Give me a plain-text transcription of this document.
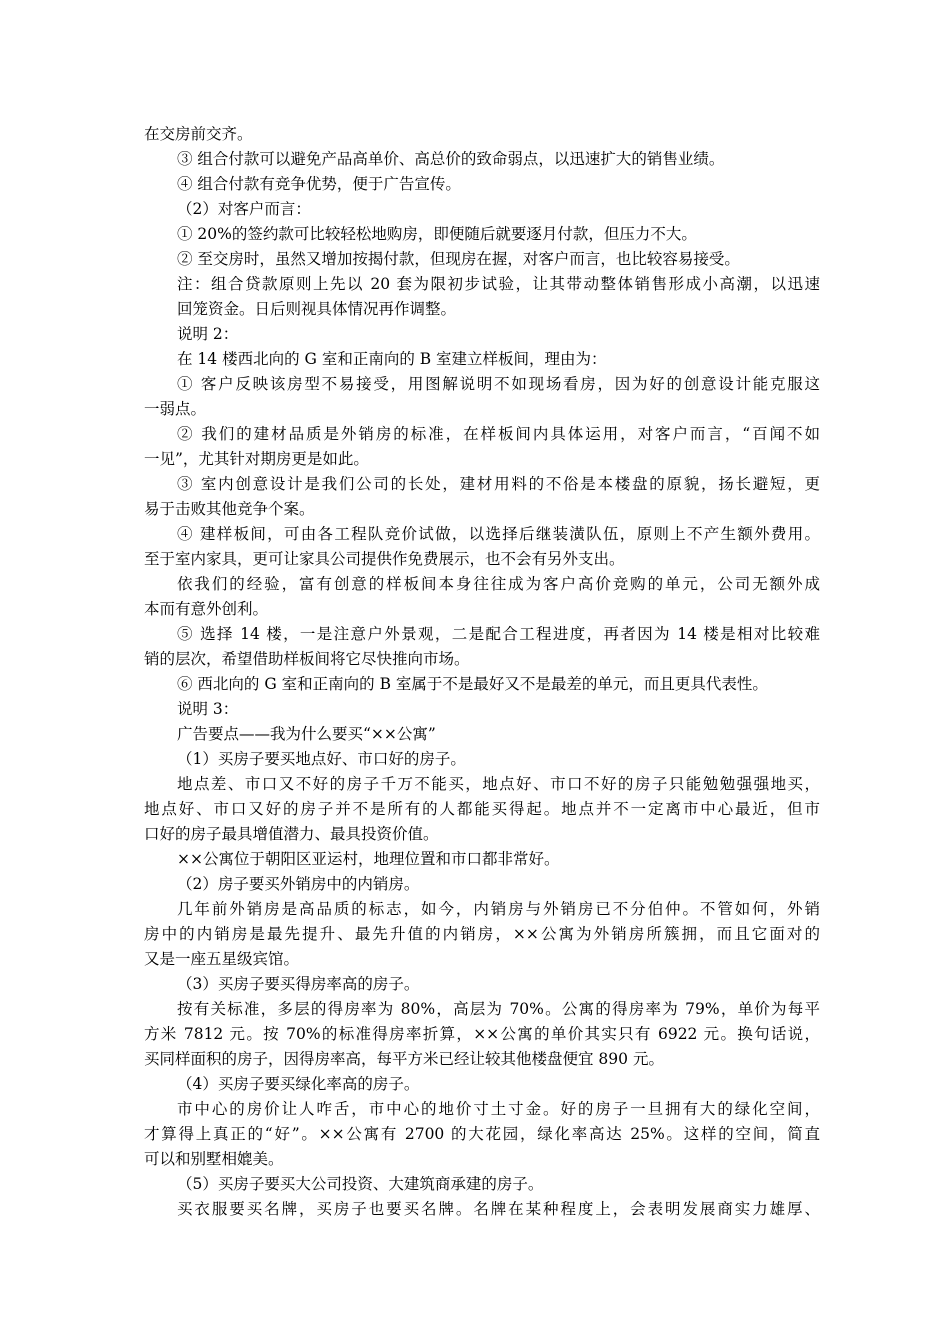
在交房前交齐。
③ 组合付款可以避免产品高单价、高总价的致命弱点，以迅速扩大的销售业绩。
④ 组合付款有竞争优势，便于广告宣传。
（2）对客户而言：
① 20%的签约款可比较轻松地购房，即便随后就要逐月付款，但压力不大。
② 至交房时，虽然又增加按揭付款，但现房在握，对客户而言，也比较容易接受。
注：组合贷款原则上先以 20 套为限初步试验，让其带动整体销售形成小高潮，以迅速
回笼资金。日后则视具体情况再作调整。
说明 2：
在 14 楼西北向的 G 室和正南向的 B 室建立样板间，理由为：
① 客户反映该房型不易接受，用图解说明不如现场看房，因为好的创意设计能克服这
一弱点。
② 我们的建材品质是外销房的标准，在样板间内具体运用，对客户而言，“百闻不如
一见”，尤其针对期房更是如此。
③ 室内创意设计是我们公司的长处，建材用料的不俗是本楼盘的原貌，扬长避短，更
易于击败其他竞争个案。
④ 建样板间，可由各工程队竞价试做，以选择后继装潢队伍，原则上不产生额外费用。
至于室内家具，更可让家具公司提供作免费展示，也不会有另外支出。
依我们的经验，富有创意的样板间本身往往成为客户高价竞购的单元，公司无额外成
本而有意外创利。
⑤ 选择 14 楼，一是注意户外景观，二是配合工程进度，再者因为 14 楼是相对比较难
销的层次，希望借助样板间将它尽快推向市场。
⑥ 西北向的 G 室和正南向的 B 室属于不是最好又不是最差的单元，而且更具代表性。
说明 3：
广告要点——我为什么要买“××公寓”
（1）买房子要买地点好、市口好的房子。
地点差、市口又不好的房子千万不能买，地点好、市口不好的房子只能勉勉强强地买，
地点好、市口又好的房子并不是所有的人都能买得起。地点并不一定离市中心最近，但市
口好的房子最具增值潜力、最具投资价值。
××公寓位于朝阳区亚运村，地理位置和市口都非常好。
（2）房子要买外销房中的内销房。
几年前外销房是高品质的标志，如今，内销房与外销房已不分伯仲。不管如何，外销
房中的内销房是最先提升、最先升值的内销房，××公寓为外销房所簇拥，而且它面对的
又是一座五星级宾馆。
（3）买房子要买得房率高的房子。
按有关标准，多层的得房率为 80%，高层为 70%。公寓的得房率为 79%，单价为每平
方米 7812 元。按 70%的标准得房率折算，××公寓的单价其实只有 6922 元。换句话说，
买同样面积的房子，因得房率高，每平方米已经让较其他楼盘便宜 890 元。
（4）买房子要买绿化率高的房子。
市中心的房价让人咋舌，市中心的地价寸土寸金。好的房子一旦拥有大的绿化空间，
才算得上真正的“好”。××公寓有 2700 的大花园，绿化率高达 25%。这样的空间，简直
可以和别墅相媲美。
（5）买房子要买大公司投资、大建筑商承建的房子。
买衣服要买名牌，买房子也要买名牌。名牌在某种程度上，会表明发展商实力雄厚、
